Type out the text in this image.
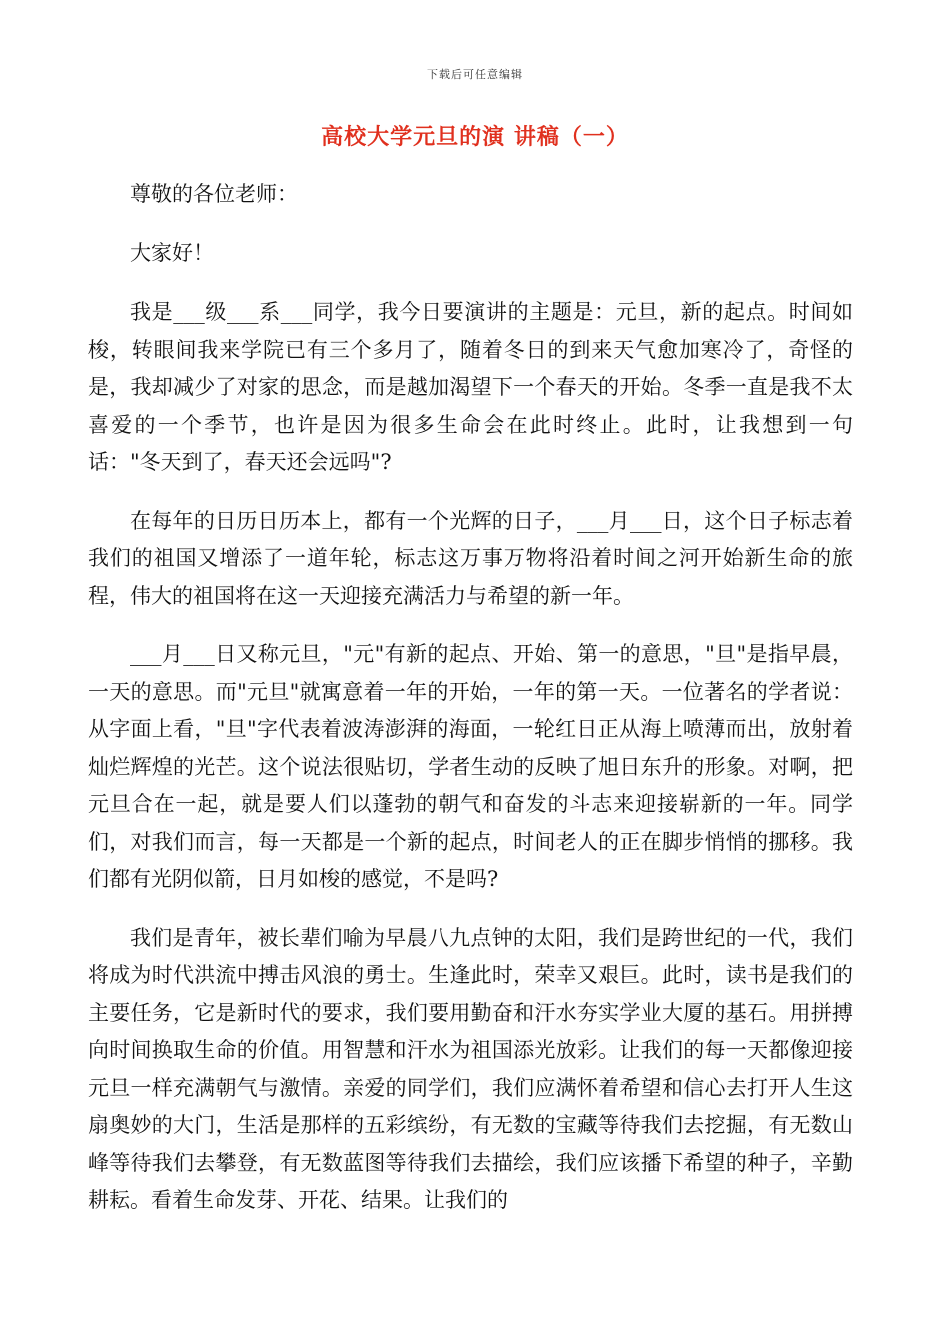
下载后可任意编辑
高校大学元旦的演 讲稿（一）

尊敬的各位老师：

大家好！

我是___级___系___同学，我今日要演讲的主题是：元旦，新的起点。时间如梭，转眼间我来学院已有三个多月了，随着冬日的到来天气愈加寒冷了，奇怪的是，我却减少了对家的思念，而是越加渴望下一个春天的开始。冬季一直是我不太喜爱的一个季节，也许是因为很多生命会在此时终止。此时，让我想到一句话："冬天到了，春天还会远吗"?

在每年的日历日历本上，都有一个光辉的日子，___月___日，这个日子标志着我们的祖国又增添了一道年轮，标志这万事万物将沿着时间之河开始新生命的旅程，伟大的祖国将在这一天迎接充满活力与希望的新一年。

___月___日又称元旦，"元"有新的起点、开始、第一的意思，"旦"是指早晨，一天的意思。而"元旦"就寓意着一年的开始，一年的第一天。一位著名的学者说：从字面上看，"旦"字代表着波涛澎湃的海面，一轮红日正从海上喷薄而出，放射着灿烂辉煌的光芒。这个说法很贴切，学者生动的反映了旭日东升的形象。对啊，把元旦合在一起，就是要人们以蓬勃的朝气和奋发的斗志来迎接崭新的一年。同学们，对我们而言，每一天都是一个新的起点，时间老人的正在脚步悄悄的挪移。我们都有光阴似箭，日月如梭的感觉，不是吗?

我们是青年，被长辈们喻为早晨八九点钟的太阳，我们是跨世纪的一代，我们将成为时代洪流中搏击风浪的勇士。生逢此时，荣幸又艰巨。此时，读书是我们的主要任务，它是新时代的要求，我们要用勤奋和汗水夯实学业大厦的基石。用拼搏向时间换取生命的价值。用智慧和汗水为祖国添光放彩。让我们的每一天都像迎接元旦一样充满朝气与激情。亲爱的同学们，我们应满怀着希望和信心去打开人生这扇奥妙的大门，生活是那样的五彩缤纷，有无数的宝藏等待我们去挖掘，有无数山峰等待我们去攀登，有无数蓝图等待我们去描绘，我们应该播下希望的种子，辛勤耕耘。看着生命发芽、开花、结果。让我们的
